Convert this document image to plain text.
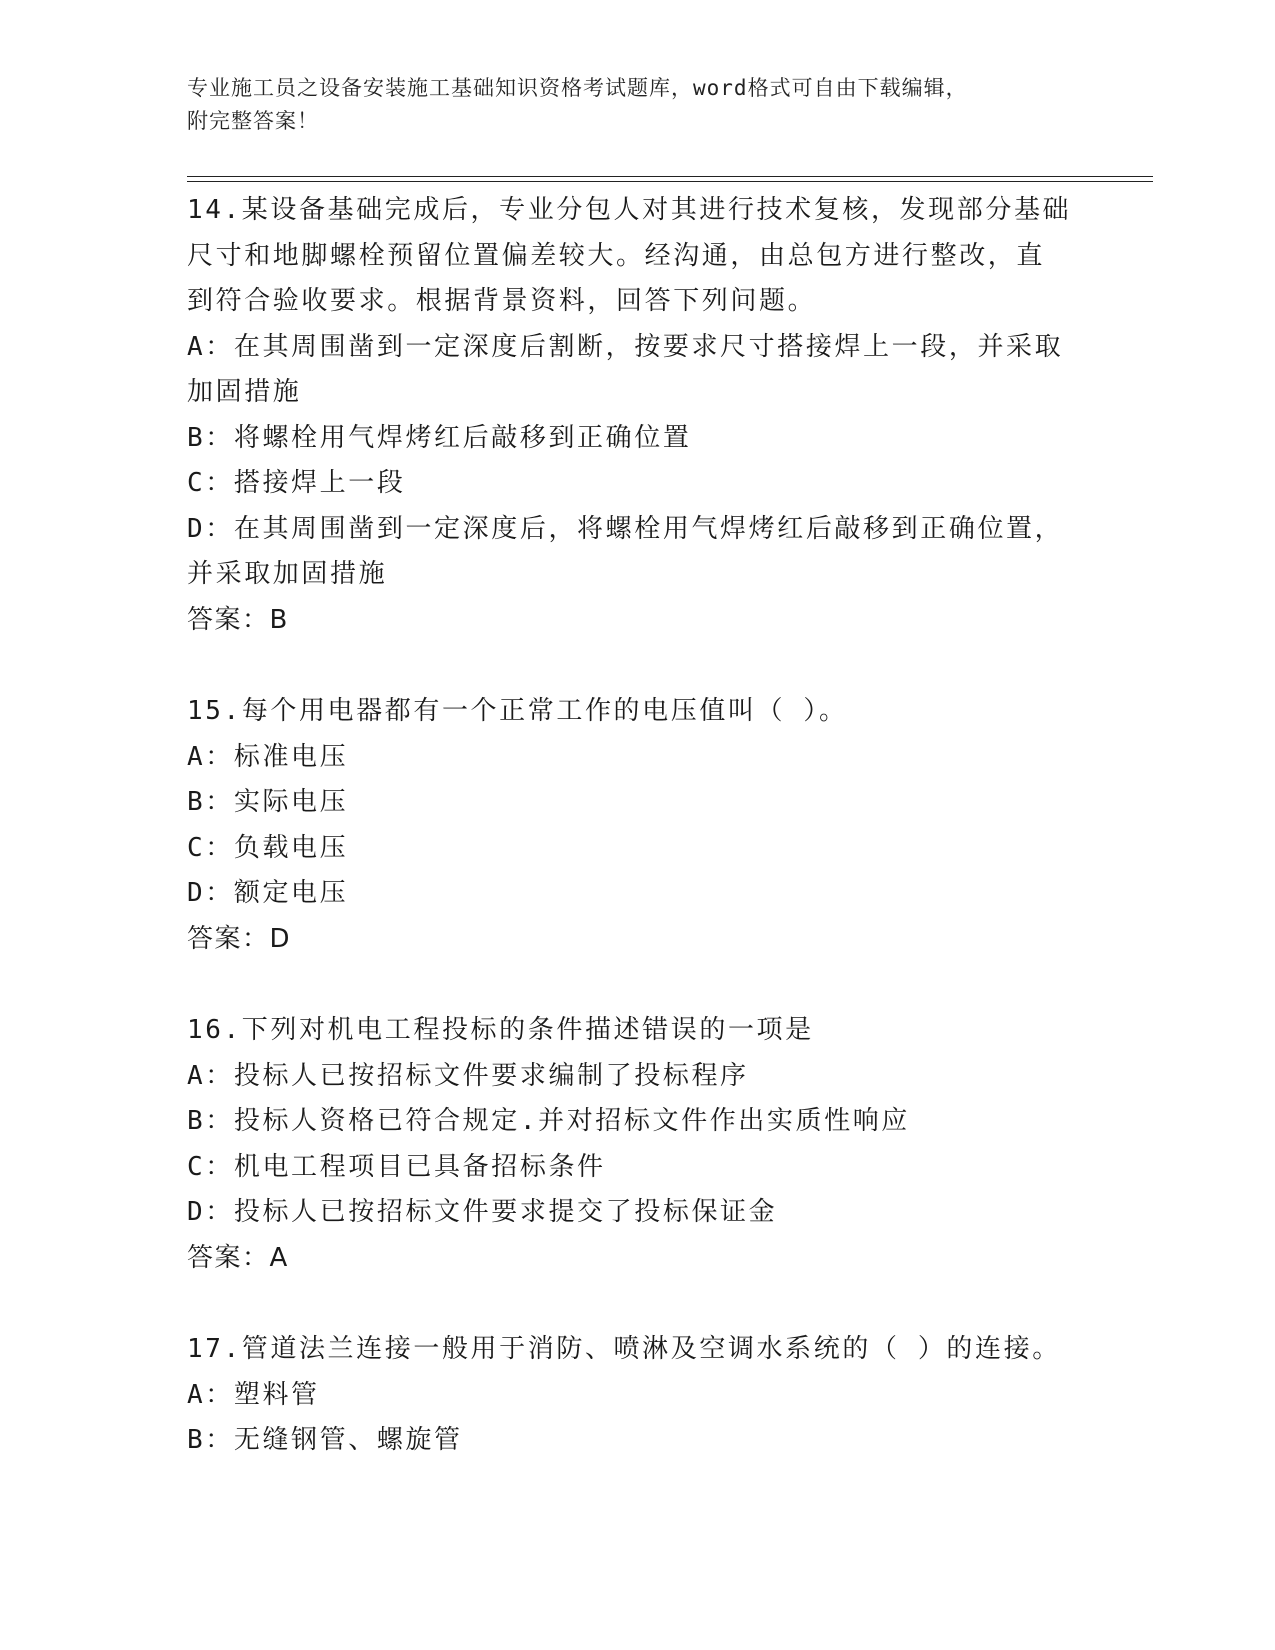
专业施工员之设备安装施工基础知识资格考试题库，word格式可自由下载编辑，
附完整答案！
14.某设备基础完成后，专业分包人对其进行技术复核，发现部分基础
尺寸和地脚螺栓预留位置偏差较大。经沟通，由总包方进行整改，直
到符合验收要求。根据背景资料，回答下列问题。
A：在其周围凿到一定深度后割断，按要求尺寸搭接焊上一段，并采取
加固措施
B：将螺栓用气焊烤红后敲移到正确位置
C：搭接焊上一段
D：在其周围凿到一定深度后，将螺栓用气焊烤红后敲移到正确位置，
并采取加固措施
答案：B
15.每个用电器都有一个正常工作的电压值叫（ ）。
A：标准电压
B：实际电压
C：负载电压
D：额定电压
答案：D
16.下列对机电工程投标的条件描述错误的一项是
A：投标人已按招标文件要求编制了投标程序
B：投标人资格已符合规定.并对招标文件作出实质性响应
C：机电工程项目已具备招标条件
D：投标人已按招标文件要求提交了投标保证金
答案：A
17.管道法兰连接一般用于消防、喷淋及空调水系统的（ ）的连接。
A：塑料管
B：无缝钢管、螺旋管
